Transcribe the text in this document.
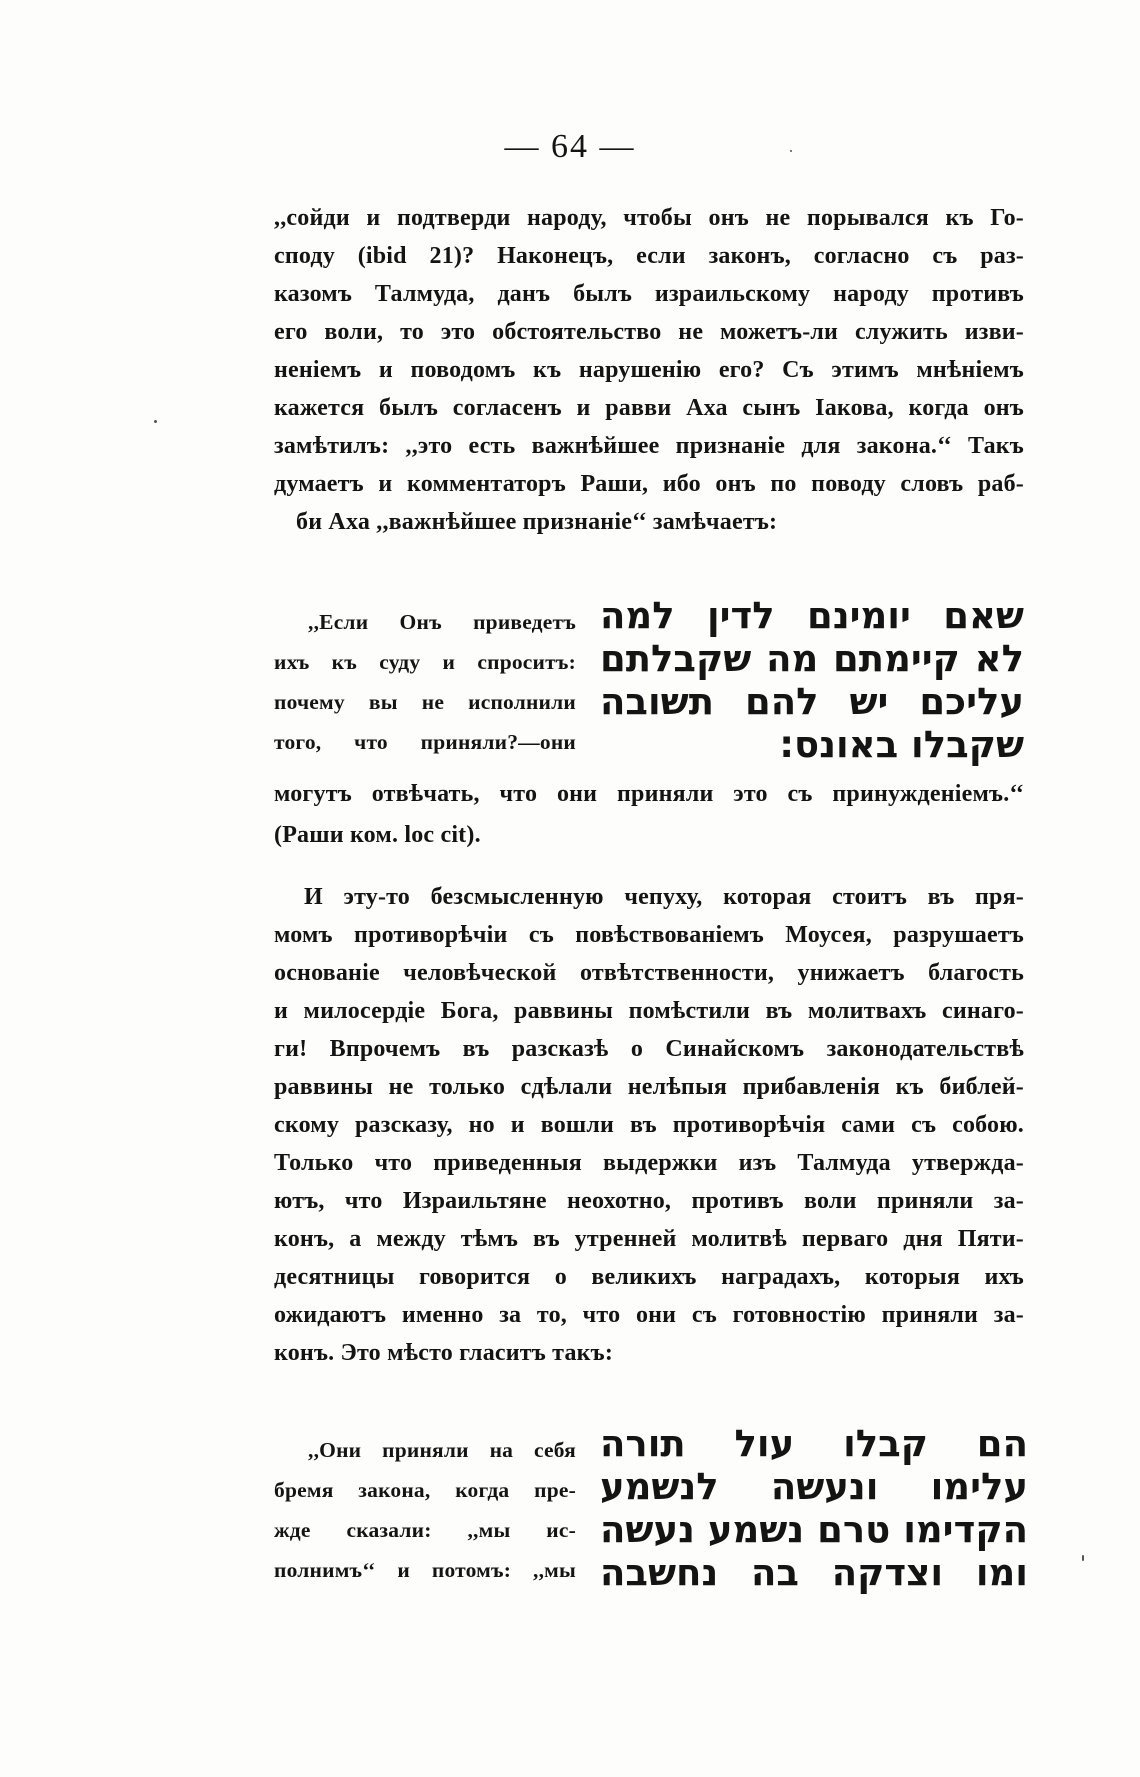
— 64 —
,,сойди и подтверди народу, чтобы онъ не порывался къ Го-
споду (ibid 21)? Наконецъ, если законъ, согласно съ раз-
казомъ Талмуда, данъ былъ израильскому народу противъ
его воли, то это обстоятельство не можетъ-ли служить изви-
неніемъ и поводомъ къ нарушенію его? Съ этимъ мнѣніемъ
кажется былъ согласенъ и равви Аха сынъ Іакова, когда онъ
замѣтилъ: ,,это есть важнѣйшее признаніе для закона.‘‘ Такъ
думаетъ и комментаторъ Раши, ибо онъ по поводу словъ раб-
би Аха ,,важнѣйшее признаніе‘‘ замѣчаетъ:
,,Если Онъ приведетъ
ихъ къ суду и спроситъ:
почему вы не исполнили
того, что приняли?—они
שאם יומינם לדין למה
לא קיימתם מה שקבלתם
עליכם יש להם תשובה
שקבלו באונס:
могутъ отвѣчать, что они приняли это съ принужденіемъ.‘‘
(Раши ком. loc cit).
И эту-то безсмысленную чепуху, которая стоитъ въ пря-
момъ противорѣчіи съ повѣствованіемъ Моусея, разрушаетъ
основаніе человѣческой отвѣтственности, унижаетъ благость
и милосердіе Бога, раввины помѣстили въ молитвахъ синаго-
ги! Впрочемъ въ разсказѣ о Синайскомъ законодательствѣ
раввины не только сдѣлали нелѣпыя прибавленія къ библей-
скому разсказу, но и вошли въ противорѣчія сами съ собою.
Только что приведенныя выдержки изъ Талмуда утвержда-
ютъ, что Израильтяне неохотно, противъ воли приняли за-
конъ, а между тѣмъ въ утренней молитвѣ перваго дня Пяти-
десятницы говорится о великихъ наградахъ, которыя ихъ
ожидаютъ именно за то, что они съ готовностію приняли за-
конъ. Это мѣсто гласитъ такъ:
,,Они приняли на себя
бремя закона, когда пре-
жде сказали: ,,мы ис-
полнимъ‘‘ и потомъ: ,,мы
הם קבלו עול תורה
עלימו ונעשה לנשמע
הקדימו טרם נשמע נעשה
ומו וצדקה בה נחשבה
